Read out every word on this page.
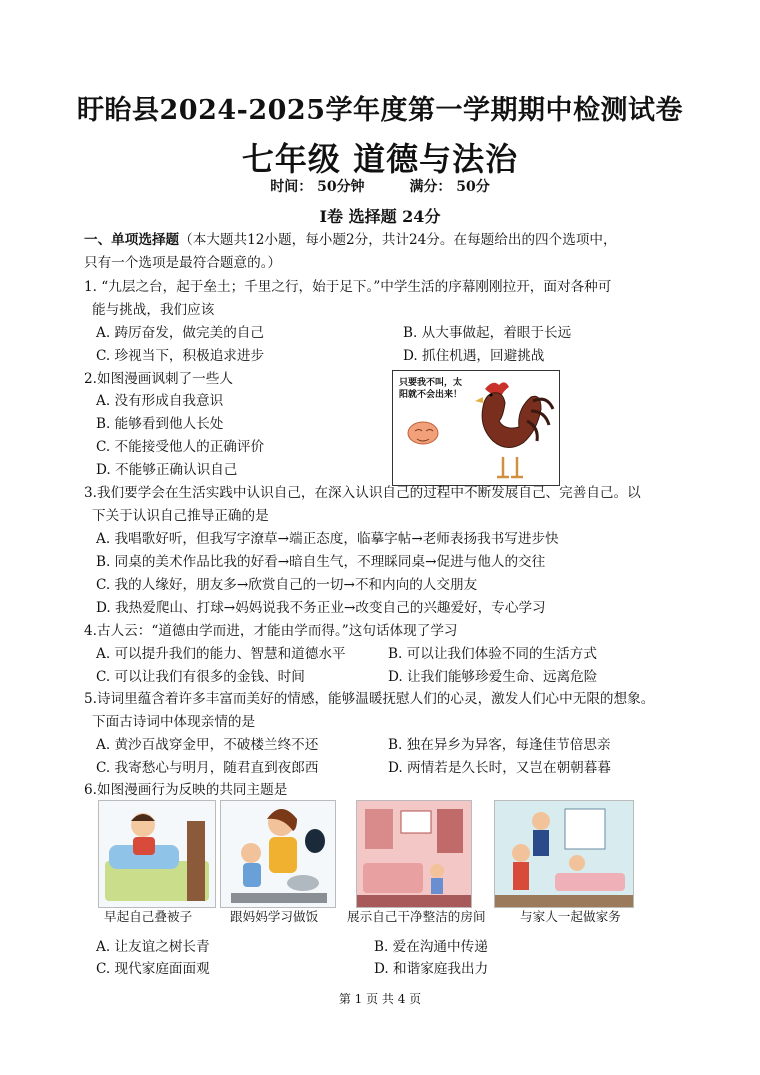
盱眙县2024-2025学年度第一学期期中检测试卷
七年级 道德与法治
时间： 50分钟	满分： 50分
Ⅰ卷 选择题 24分
一、单项选择题（本大题共12小题，每小题2分，共计24分。在每题给出的四个选项中，
只有一个选项是最符合题意的。）
1. “九层之台，起于垒土；千里之行，始于足下。”中学生活的序幕刚刚拉开，面对各种可
能与挑战，我们应该
A. 踌厉奋发，做完美的自己	B. 从大事做起，着眼于长远
C. 珍视当下，积极追求进步	D. 抓住机遇，回避挑战
2.如图漫画讽刺了一些人
A. 没有形成自我意识
B. 能够看到他人长处
C. 不能接受他人的正确评价
D. 不能够正确认识自己
只要我不叫，太阳就不会出来！
3.我们要学会在生活实践中认识自己，在深入认识自己的过程中不断发展自己、完善自己。以
下关于认识自己推导正确的是
A. 我唱歌好听，但我写字潦草→端正态度，临摹字帖→老师表扬我书写进步快
B. 同桌的美术作品比我的好看→暗自生气，不理睬同桌→促进与他人的交往
C. 我的人缘好，朋友多→欣赏自己的一切→不和内向的人交朋友
D. 我热爱爬山、打球→妈妈说我不务正业→改变自己的兴趣爱好，专心学习
4.古人云：“道德由学而进，才能由学而得。”这句话体现了学习
A. 可以提升我们的能力、智慧和道德水平	B. 可以让我们体验不同的生活方式
C. 可以让我们有很多的金钱、时间	D. 让我们能够珍爱生命、远离危险
5.诗词里蕴含着许多丰富而美好的情感，能够温暖抚慰人们的心灵，激发人们心中无限的想象。
下面古诗词中体现亲情的是
A. 黄沙百战穿金甲，不破楼兰终不还	B. 独在异乡为异客，每逢佳节倍思亲
C. 我寄愁心与明月，随君直到夜郎西	D. 两情若是久长时，又岂在朝朝暮暮
6.如图漫画行为反映的共同主题是
早起自己叠被子	跟妈妈学习做饭 展示自己干净整洁的房间	与家人一起做家务
A. 让友谊之树长青	B. 爱在沟通中传递
C. 现代家庭面面观	D. 和谐家庭我出力
第 1 页 共 4 页
